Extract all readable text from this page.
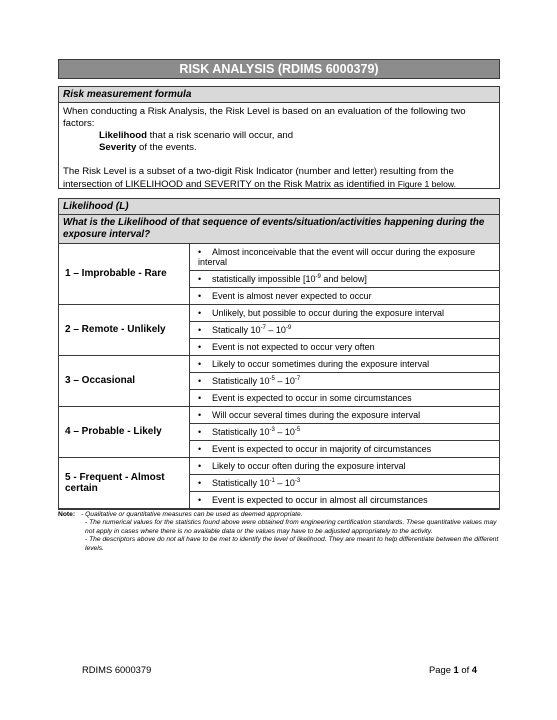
RISK ANALYSIS (RDIMS 6000379)
Risk measurement formula

When conducting a Risk Analysis, the Risk Level is based on an evaluation of the following two factors:

Likelihood that a risk scenario will occur, and

Severity of the events.

The Risk Level is a subset of a two-digit Risk Indicator (number and letter) resulting from the intersection of LIKELIHOOD and SEVERITY on the Risk Matrix as identified in Figure 1 below.

Likelihood (L)
What is the Likelihood of that sequence of events/situation/activities happening during the exposure interval?
1 – Improbable - Rare	• Almost inconceivable that the event will occur during the exposure interval
	• statistically impossible [$10^{-9}$ and below]
	• Event is almost never expected to occur
2 – Remote - Unlikely	• Unlikely, but possible to occur during the exposure interval
	• Statically $10^{-7} - 10^{-9}$
	• Event is not expected to occur very often
3 – Occasional	• Likely to occur sometimes during the exposure interval
	• Statistically $10^{-5} - 10^{-7}$
	• Event is expected to occur in some circumstances
4 – Probable - Likely	• Will occur several times during the exposure interval
	• Statistically $10^{-3} - 10^{-5}$
	• Event is expected to occur in majority of circumstances
5 - Frequent - Almost certain	• Likely to occur often during the exposure interval
	• Statistically $10^{-1} - 10^{-3}$
	• Event is expected to occur in almost all circumstances
Note: - Qualitative or quantitative measures can be used as deemed appropriate.
- The numerical values for the statistics found above were obtained from engineering certification standards. These quantitative values may not apply in cases where there is no available data or the values may have to be adjusted appropriately to the activity.
- The descriptors above do not all have to be met to identify the level of likelihood. They are meant to help differentiate between the different levels.
RDIMS 6000379	Page 1 of 4
